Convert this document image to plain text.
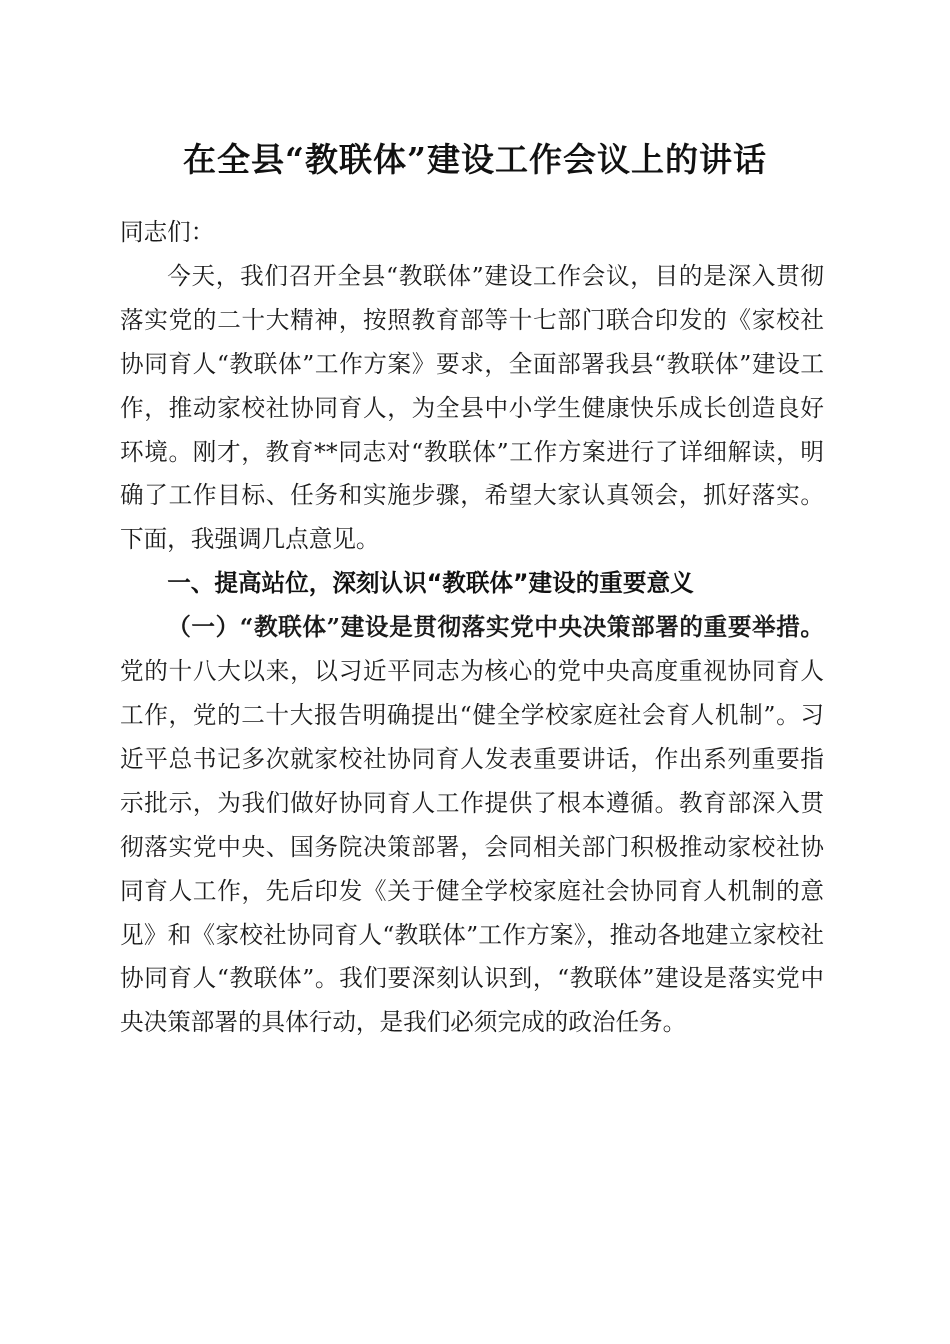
在全县“教联体”建设工作会议上的讲话

同志们：

今天，我们召开全县“教联体”建设工作会议，目的是深入贯彻落实党的二十大精神，按照教育部等十七部门联合印发的《家校社协同育人“教联体”工作方案》要求，全面部署我县“教联体”建设工作，推动家校社协同育人，为全县中小学生健康快乐成长创造良好环境。刚才，教育**同志对“教联体”工作方案进行了详细解读，明确了工作目标、任务和实施步骤，希望大家认真领会，抓好落实。下面，我强调几点意见。

一、提高站位，深刻认识“教联体”建设的重要意义

（一）“教联体”建设是贯彻落实党中央决策部署的重要举措。党的十八大以来，以习近平同志为核心的党中央高度重视协同育人工作，党的二十大报告明确提出“健全学校家庭社会育人机制”。习近平总书记多次就家校社协同育人发表重要讲话，作出系列重要指示批示，为我们做好协同育人工作提供了根本遵循。教育部深入贯彻落实党中央、国务院决策部署，会同相关部门积极推动家校社协同育人工作，先后印发《关于健全学校家庭社会协同育人机制的意见》和《家校社协同育人“教联体”工作方案》，推动各地建立家校社协同育人“教联体”。我们要深刻认识到，“教联体”建设是落实党中央决策部署的具体行动，是我们必须完成的政治任务。
